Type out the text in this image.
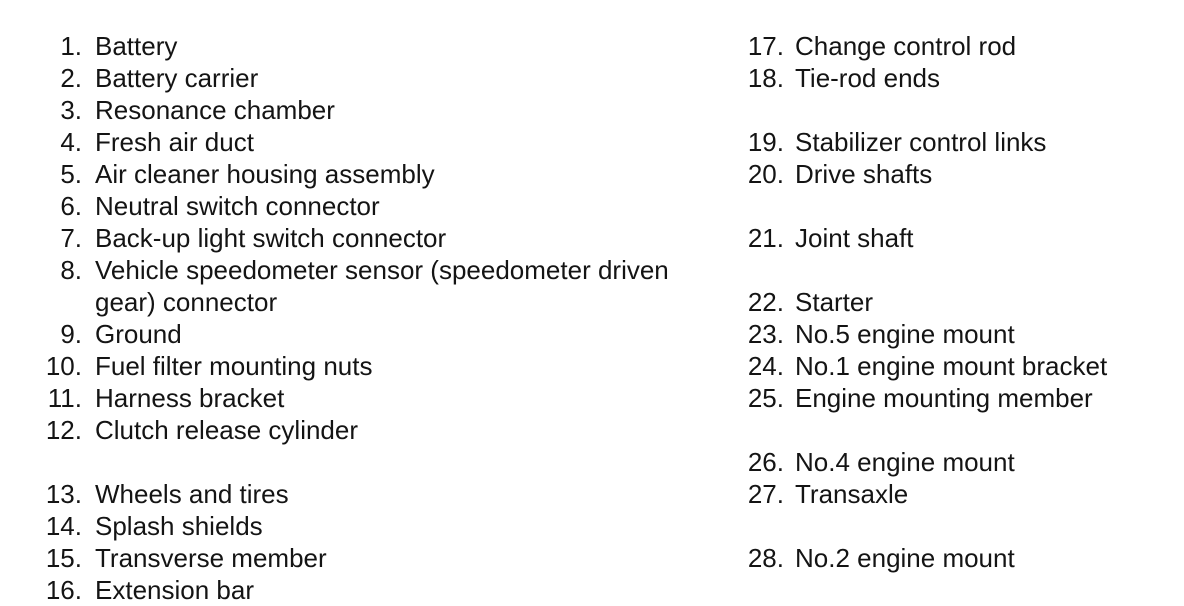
1. Battery
2. Battery carrier
3. Resonance chamber
4. Fresh air duct
5. Air cleaner housing assembly
6. Neutral switch connector
7. Back-up light switch connector
8. Vehicle speedometer sensor (speedometer driven gear) connector
9. Ground
10. Fuel filter mounting nuts
11. Harness bracket
12. Clutch release cylinder
13. Wheels and tires
14. Splash shields
15. Transverse member
16. Extension bar
17. Change control rod
18. Tie-rod ends
19. Stabilizer control links
20. Drive shafts
21. Joint shaft
22. Starter
23. No.5 engine mount
24. No.1 engine mount bracket
25. Engine mounting member
26. No.4 engine mount
27. Transaxle
28. No.2 engine mount
